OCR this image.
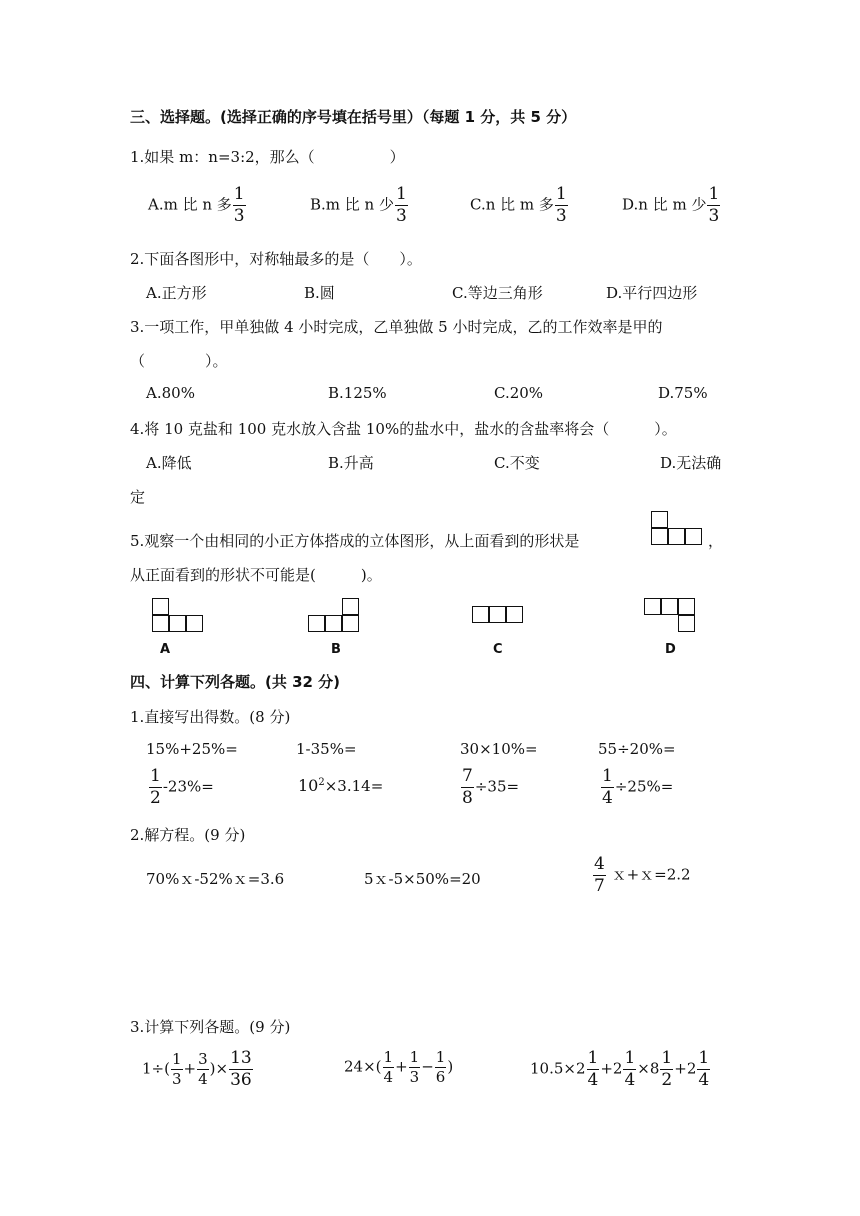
三、选择题。(选择正确的序号填在括号里）（每题 1 分，共 5 分）
1.如果 m：n=3:2，那么（　　　　　）
A.m 比 n 多 $\frac{1}{3}$	B.m 比 n 少 $\frac{1}{3}$	C.n 比 m 多 $\frac{1}{3}$	D.n 比 m 少 $\frac{1}{3}$
2.下面各图形中，对称轴最多的是（　　）。
A.正方形	B.圆	C.等边三角形	D.平行四边形
3.一项工作，甲单独做 4 小时完成，乙单独做 5 小时完成，乙的工作效率是甲的
（　　　　）。
A.80%	B.125%	C.20%	D.75%
4.将 10 克盐和 100 克水放入含盐 10%的盐水中，盐水的含盐率将会（　　　）。
A.降低	B.升高	C.不变	D.无法确
定
5.观察一个由相同的小正方体搭成的立体图形，从上面看到的形状是	，
从正面看到的形状不可能是(　　　)。
A	B	C	D
四、计算下列各题。(共 32 分)
1.直接写出得数。(8 分)
15%+25%=	1-35%=	30×10%=	55÷20%=
$\frac{1}{2} -23\%=$	$10^2\times 3.14=$	$\frac{7}{8} \div 35=$	$\frac{1}{4} \div 25\%=$
2.解方程。(9 分)
70%ｘ-52%ｘ=3.6	5ｘ-5×50%=20	$\frac{4}{7}$ ｘ+ｘ=2.2
3.计算下列各题。(9 分)
$1\div( \frac{1}{3} + \frac{3}{4}$ )× $\frac{13}{36}$	$24\times( \frac{1}{4} + \frac{1}{3} - \frac{1}{6}$ )	$10.5\times 2 \frac{1}{4} +2 \frac{1}{4} \times 8 \frac{1}{2} +2 \frac{1}{4}$
